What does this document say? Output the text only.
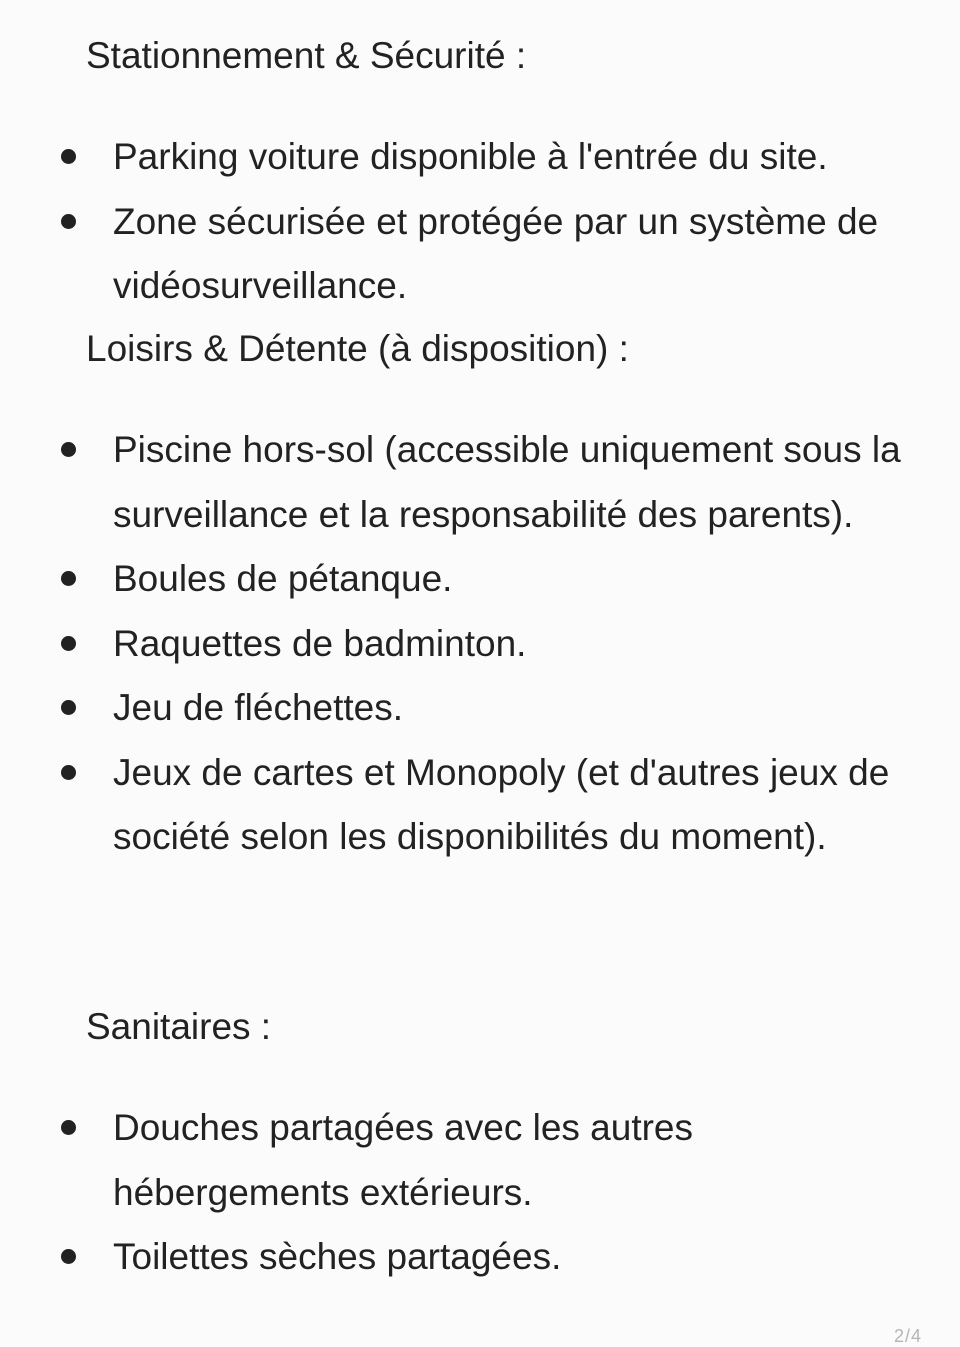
Stationnement & Sécurité :
Parking voiture disponible à l'entrée du site.
Zone sécurisée et protégée par un système de vidéosurveillance.
Loisirs & Détente (à disposition) :
Piscine hors-sol (accessible uniquement sous la surveillance et la responsabilité des parents).
Boules de pétanque.
Raquettes de badminton.
Jeu de fléchettes.
Jeux de cartes et Monopoly (et d'autres jeux de société selon les disponibilités du moment).
Sanitaires :
Douches partagées avec les autres hébergements extérieurs.
Toilettes sèches partagées.
2/4
